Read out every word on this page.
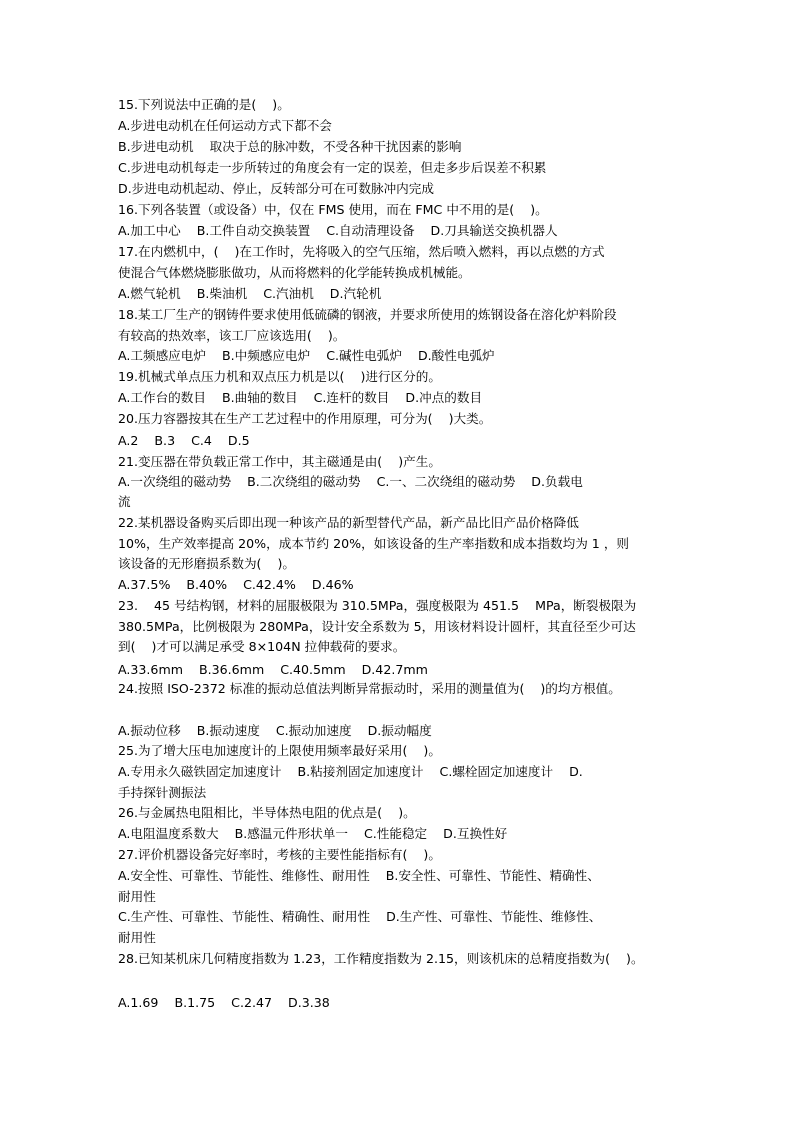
15.下列说法中正确的是(    )。
A.步进电动机在任何运动方式下都不会
B.步进电动机    取决于总的脉冲数，不受各种干扰因素的影响
C.步进电动机每走一步所转过的角度会有一定的误差，但走多步后误差不积累
D.步进电动机起动、停止，反转部分可在可数脉冲内完成
16.下列各装置（或设备）中，仅在 FMS 使用，而在 FMC 中不用的是(    )。
A.加工中心    B.工件自动交换装置    C.自动清理设备    D.刀具输送交换机器人
17.在内燃机中，(    )在工作时，先将吸入的空气压缩，然后喷入燃料，再以点燃的方式
使混合气体燃烧膨胀做功，从而将燃料的化学能转换成机械能。
A.燃气轮机    B.柴油机    C.汽油机    D.汽轮机
18.某工厂生产的钢铸件要求使用低硫磷的钢液，并要求所使用的炼钢设备在溶化炉料阶段
有较高的热效率，该工厂应该选用(    )。
A.工频感应电炉    B.中频感应电炉    C.碱性电弧炉    D.酸性电弧炉
19.机械式单点压力机和双点压力机是以(    )进行区分的。
A.工作台的数目    B.曲轴的数目    C.连杆的数目    D.冲点的数目
20.压力容器按其在生产工艺过程中的作用原理，可分为(    )大类。
A.2    B.3    C.4    D.5
21.变压器在带负载正常工作中，其主磁通是由(    )产生。
A.一次绕组的磁动势    B.二次绕组的磁动势    C.一、二次绕组的磁动势    D.负载电
流
22.某机器设备购买后即出现一种该产品的新型替代产品，新产品比旧产品价格降低
10%，生产效率提高 20%，成本节约 20%，如该设备的生产率指数和成本指数均为 1 ，则
该设备的无形磨损系数为(    )。
A.37.5%    B.40%    C.42.4%    D.46%
23.    45 号结构钢，材料的屈服极限为 310.5MPa，强度极限为 451.5    MPa，断裂极限为
380.5MPa，比例极限为 280MPa，设计安全系数为 5，用该材料设计圆杆，其直径至少可达
到(    )才可以满足承受 8×104N 拉伸载荷的要求。
A.33.6mm    B.36.6mm    C.40.5mm    D.42.7mm
24.按照 ISO-2372 标准的振动总值法判断异常振动时，采用的测量值为(    )的均方根值。
A.振动位移    B.振动速度    C.振动加速度    D.振动幅度
25.为了增大压电加速度计的上限使用频率最好采用(    )。
A.专用永久磁铁固定加速度计    B.粘接剂固定加速度计    C.螺栓固定加速度计    D.
手持探针测振法
26.与金属热电阻相比，半导体热电阻的优点是(    )。
A.电阻温度系数大    B.感温元件形状单一    C.性能稳定    D.互换性好
27.评价机器设备完好率时，考核的主要性能指标有(    )。
A.安全性、可靠性、节能性、维修性、耐用性    B.安全性、可靠性、节能性、精确性、
耐用性
C.生产性、可靠性、节能性、精确性、耐用性    D.生产性、可靠性、节能性、维修性、
耐用性
28.已知某机床几何精度指数为 1.23，工作精度指数为 2.15，则该机床的总精度指数为(    )。
A.1.69    B.1.75    C.2.47    D.3.38
